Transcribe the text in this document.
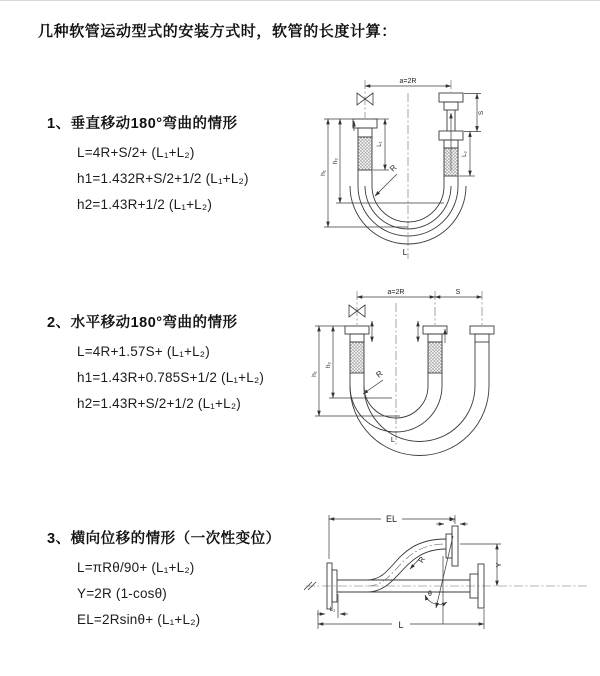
几种软管运动型式的安装方式时，软管的长度计算：
1、垂直移动180°弯曲的情形

L=4R+S/2+ (L₁+L₂)

h1=1.432R+S/2+1/2 (L₁+L₂)

h2=1.43R+1/2 (L₁+L₂)

2、水平移动180°弯曲的情形

L=4R+1.57S+ (L₁+L₂)

h1=1.43R+0.785S+1/2 (L₁+L₂)

h2=1.43R+S/2+1/2 (L₁+L₂)

3、横向位移的情形（一次性变位）

L=πRθ/90+ (L₁+L₂)

Y=2R (1-cosθ)

EL=2Rsinθ+ (L₁+L₂)

a=2R
S
L₂
L₁
h₂
h₁	R
L
a=2R	S
h₂
h₁	R
L
EL	L₂
L₁
Y
R
θ
L
